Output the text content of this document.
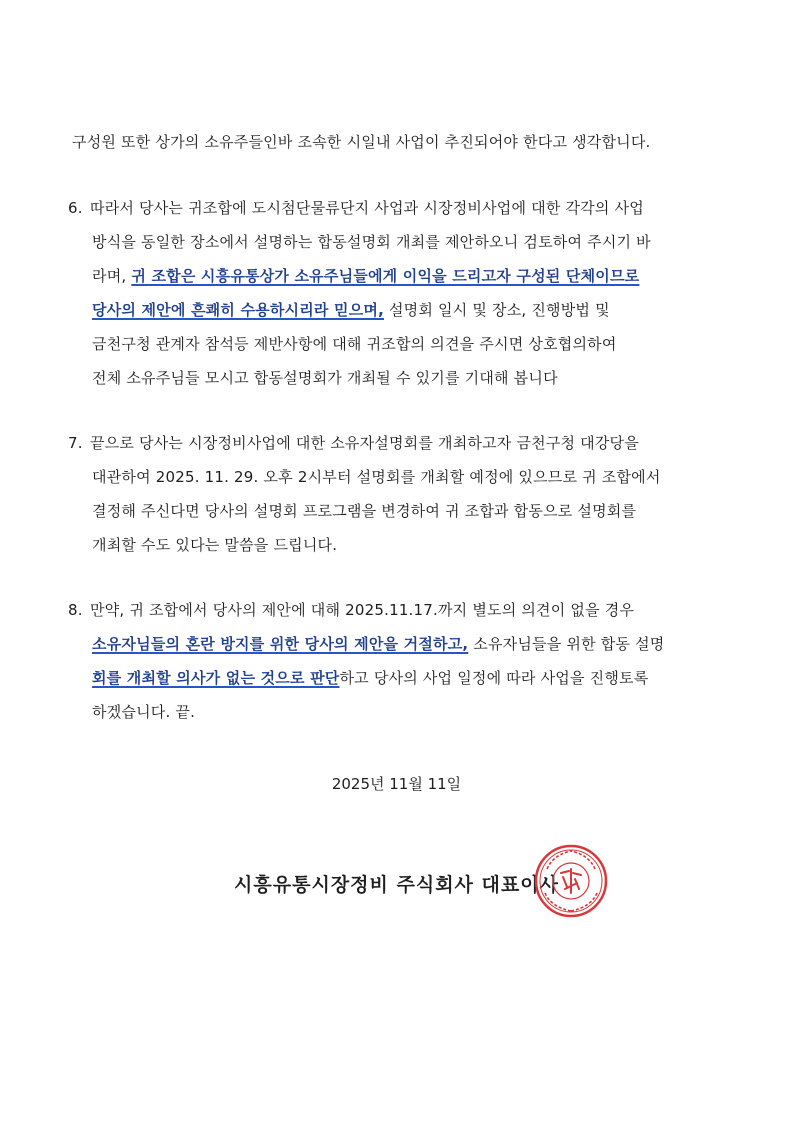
구성원 또한 상가의 소유주들인바 조속한 시일내 사업이 추진되어야 한다고 생각합니다.
6. 따라서 당사는 귀조합에 도시첨단물류단지 사업과 시장정비사업에 대한 각각의 사업
방식을 동일한 장소에서 설명하는 합동설명회 개최를 제안하오니 검토하여 주시기 바
라며, 귀 조합은 시흥유통상가 소유주님들에게 이익을 드리고자 구성된 단체이므로
당사의 제안에 흔쾌히 수용하시리라 믿으며, 설명회 일시 및 장소, 진행방법 및
금천구청 관계자 참석등 제반사항에 대해 귀조합의 의견을 주시면 상호협의하여
전체 소유주님들 모시고 합동설명회가 개최될 수 있기를 기대해 봅니다
7. 끝으로 당사는 시장정비사업에 대한 소유자설명회를 개최하고자 금천구청 대강당을
대관하여 2025. 11. 29. 오후 2시부터 설명회를 개최할 예정에 있으므로 귀 조합에서
결정해 주신다면 당사의 설명회 프로그램을 변경하여 귀 조합과 합동으로 설명회를
개최할 수도 있다는 말씀을 드립니다.
8. 만약, 귀 조합에서 당사의 제안에 대해 2025.11.17.까지 별도의 의견이 없을 경우
소유자님들의 혼란 방지를 위한 당사의 제안을 거절하고, 소유자님들을 위한 합동 설명
회를 개최할 의사가 없는 것으로 판단하고 당사의 사업 일정에 따라 사업을 진행토록
하겠습니다. 끝.
2025년 11월 11일
시흥유통시장정비 주식회사 대표이사
